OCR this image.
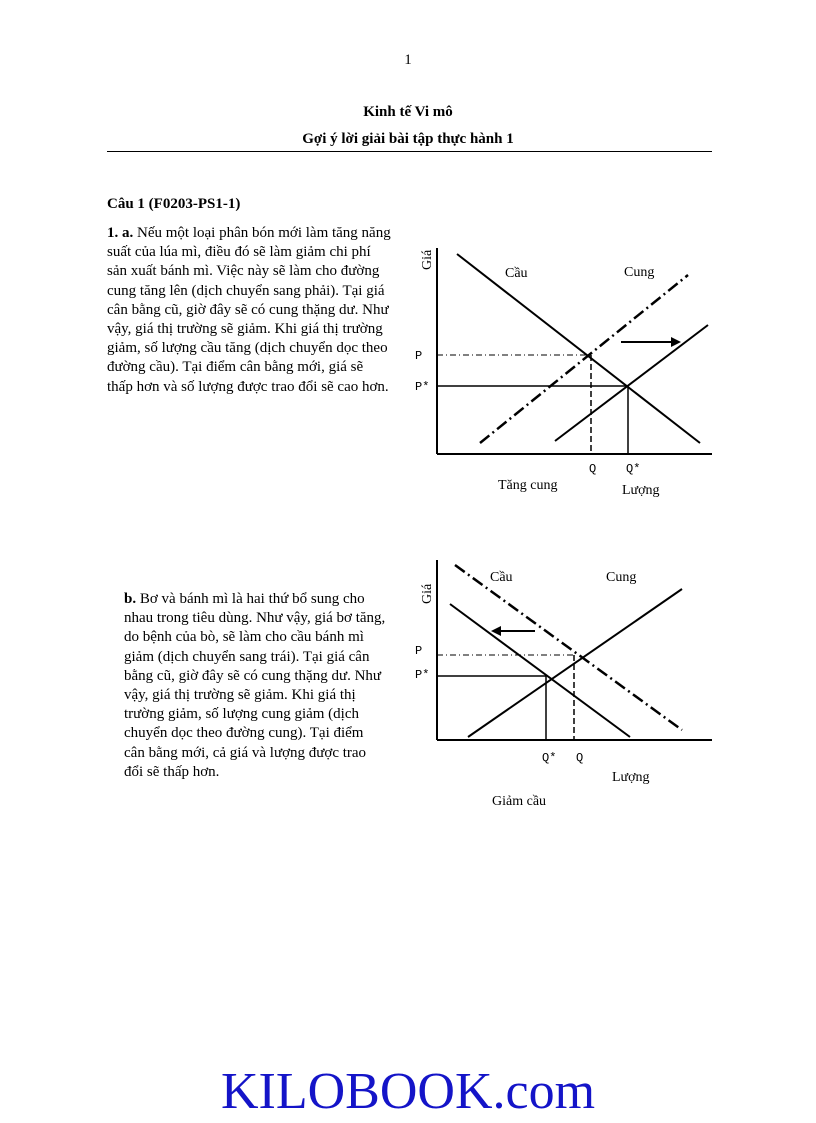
1
Kinh tế Vi mô
Gợi ý lời giải bài tập thực hành 1
Câu 1 (F0203-PS1-1)
1. a. Nếu một loại phân bón mới làm tăng năng suất của lúa mì, điều đó sẽ làm giảm chi phí sản xuất bánh mì. Việc này sẽ làm cho đường cung tăng lên (dịch chuyển sang phải). Tại giá cân bằng cũ, giờ đây sẽ có cung thặng dư. Như vậy, giá thị trường sẽ giảm. Khi giá thị trường giảm, số lượng cầu tăng (dịch chuyển dọc theo đường cầu). Tại điểm cân bằng mới, giá sẽ thấp hơn và số lượng được trao đổi sẽ cao hơn.
b. Bơ và bánh mì là hai thứ bổ sung cho nhau trong tiêu dùng. Như vậy, giá bơ tăng, do bệnh của bò, sẽ làm cho cầu bánh mì giảm (dịch chuyển sang trái). Tại giá cân bằng cũ, giờ đây sẽ có cung thặng dư. Như vậy, giá thị trường sẽ giảm. Khi giá thị trường giảm, số lượng cung giảm (dịch chuyển dọc theo đường cung). Tại điểm cân bằng mới, cả giá và lượng được trao đổi sẽ thấp hơn.
Giá
Cầu	Cung
P
P*
Q Q*
Tăng cung	Lượng
Giá
Cầu	Cung
P
P*
Q* Q
Lượng
Giảm cầu
KILOBOOK.com
